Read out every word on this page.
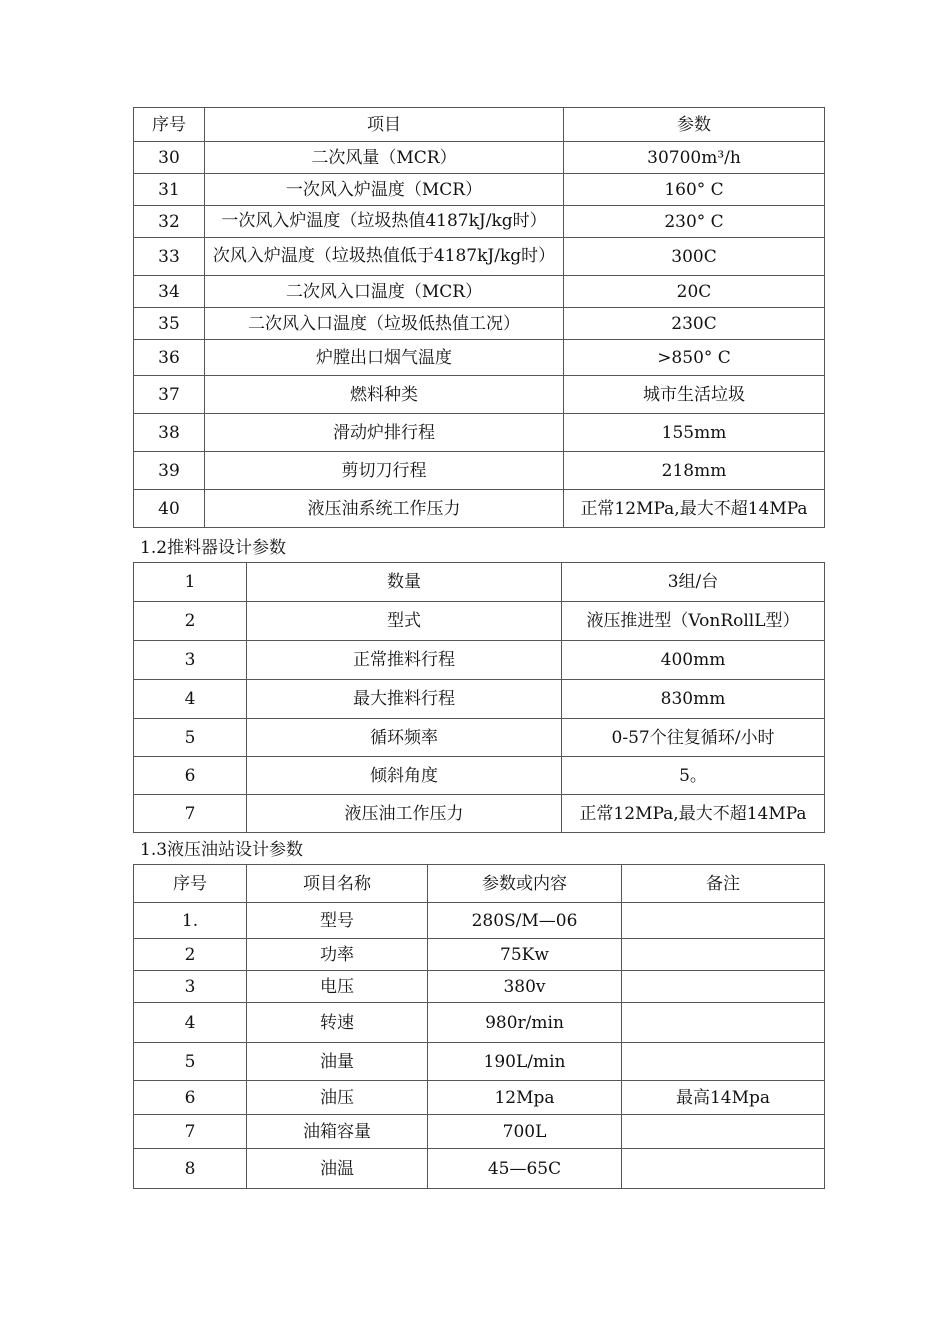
序号	项目	参数
30	二次风量（MCR）	30700m³/h
31	一次风入炉温度（MCR）	160° C
32	一次风入炉温度（垃圾热值4187kJ/kg时）	230° C
33	次风入炉温度（垃圾热值低于4187kJ/kg时）	300C
34	二次风入口温度（MCR）	20C
35	二次风入口温度（垃圾低热值工况）	230C
36	炉膛出口烟气温度	>850° C
37	燃料种类	城市生活垃圾
38	滑动炉排行程	155mm
39	剪切刀行程	218mm
40	液压油系统工作压力	正常12MPa,最大不超14MPa
1.2推料器设计参数
1	数量	3组/台
2	型式	液压推进型（VonRollL型）
3	正常推料行程	400mm
4	最大推料行程	830mm
5	循环频率	0-57个往复循环/小时
6	倾斜角度	5。
7	液压油工作压力	正常12MPa,最大不超14MPa
1.3液压油站设计参数
序号	项目名称	参数或内容	备注
1.	型号	280S/M—06	
2	功率	75Kw	
3	电压	380v	
4	转速	980r/min	
5	油量	190L/min	
6	油压	12Mpa	最高14Mpa
7	油箱容量	700L	
8	油温	45—65C	
